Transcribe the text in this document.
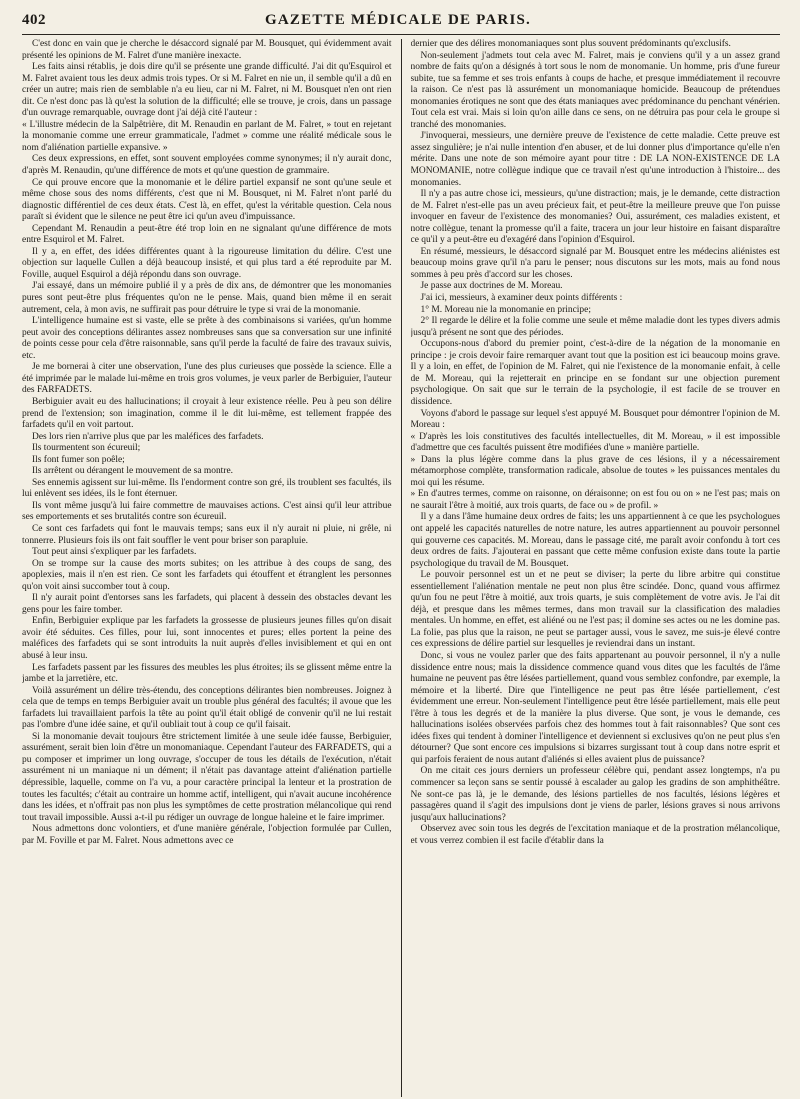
402	GAZETTE MÉDICALE DE PARIS.

C'est donc en vain que je cherche le désaccord signalé par M. Bousquet, qui évidemment avait présenté les opinions de M. Falret d'une manière inexacte.

Les faits ainsi rétablis, je dois dire qu'il se présente une grande difficulté. J'ai dit qu'Esquirol et M. Falret avaient tous les deux admis trois types. Or si M. Falret en nie un, il semble qu'il a dû en créer un autre; mais rien de semblable n'a eu lieu, car ni M. Falret, ni M. Bousquet n'en ont rien dit. Ce n'est donc pas là qu'est la solution de la difficulté; elle se trouve, je crois, dans un passage d'un ouvrage remarquable, ouvrage dont j'ai déjà cité l'auteur :

« L'illustre médecin de la Salpêtrière, dit M. Renaudin en parlant de M. Falret, » tout en rejetant la monomanie comme une erreur grammaticale, l'admet » comme une réalité médicale sous le nom d'aliénation partielle expansive. »

Ces deux expressions, en effet, sont souvent employées comme synonymes; il n'y aurait donc, d'après M. Renaudin, qu'une différence de mots et qu'une question de grammaire.

Ce qui prouve encore que la monomanie et le délire partiel expansif ne sont qu'une seule et même chose sous des noms différents, c'est que ni M. Bousquet, ni M. Falret n'ont parlé du diagnostic différentiel de ces deux états. C'est là, en effet, qu'est la véritable question. Cela nous paraît si évident que le silence ne peut être ici qu'un aveu d'impuissance.

Cependant M. Renaudin a peut-être été trop loin en ne signalant qu'une différence de mots entre Esquirol et M. Falret.

Il y a, en effet, des idées différentes quant à la rigoureuse limitation du délire. C'est une objection sur laquelle Cullen a déjà beaucoup insisté, et qui plus tard a été reproduite par M. Foville, auquel Esquirol a déjà répondu dans son ouvrage.

J'ai essayé, dans un mémoire publié il y a près de dix ans, de démontrer que les monomanies pures sont peut-être plus fréquentes qu'on ne le pense. Mais, quand bien même il en serait autrement, cela, à mon avis, ne suffirait pas pour détruire le type si vrai de la monomanie.

L'intelligence humaine est si vaste, elle se prête à des combinaisons si variées, qu'un homme peut avoir des conceptions délirantes assez nombreuses sans que sa conversation sur une infinité de points cesse pour cela d'être raisonnable, sans qu'il perde la faculté de faire des travaux suivis, etc.

Je me bornerai à citer une observation, l'une des plus curieuses que possède la science. Elle a été imprimée par le malade lui-même en trois gros volumes, je veux parler de Berbiguier, l'auteur des FARFADETS.

Berbiguier avait eu des hallucinations; il croyait à leur existence réelle. Peu à peu son délire prend de l'extension; son imagination, comme il le dit lui-même, est tellement frappée des farfadets qu'il en voit partout.

Des lors rien n'arrive plus que par les maléfices des farfadets.

Ils tourmentent son écureuil;

Ils font fumer son poêle;

Ils arrêtent ou dérangent le mouvement de sa montre.

Ses ennemis agissent sur lui-même. Ils l'endorment contre son gré, ils troublent ses facultés, ils lui enlèvent ses idées, ils le font éternuer.

Ils vont même jusqu'à lui faire commettre de mauvaises actions. C'est ainsi qu'il leur attribue ses emportements et ses brutalités contre son écureuil.

Ce sont ces farfadets qui font le mauvais temps; sans eux il n'y aurait ni pluie, ni grêle, ni tonnerre. Plusieurs fois ils ont fait souffler le vent pour briser son parapluie.

Tout peut ainsi s'expliquer par les farfadets.

On se trompe sur la cause des morts subites; on les attribue à des coups de sang, des apoplexies, mais il n'en est rien. Ce sont les farfadets qui étouffent et étranglent les personnes qu'on voit ainsi succomber tout à coup.

Il n'y aurait point d'entorses sans les farfadets, qui placent à dessein des obstacles devant les gens pour les faire tomber.

Enfin, Berbiguier explique par les farfadets la grossesse de plusieurs jeunes filles qu'on disait avoir été séduites. Ces filles, pour lui, sont innocentes et pures; elles portent la peine des maléfices des farfadets qui se sont introduits la nuit auprès d'elles invisiblement et qui en ont abusé à leur insu.

Les farfadets passent par les fissures des meubles les plus étroites; ils se glissent même entre la jambe et la jarretière, etc.

Voilà assurément un délire très-étendu, des conceptions délirantes bien nombreuses. Joignez à cela que de temps en temps Berbiguier avait un trouble plus général des facultés; il avoue que les farfadets lui travaillaient parfois la tête au point qu'il était obligé de convenir qu'il ne lui restait pas l'ombre d'une idée saine, et qu'il oubliait tout à coup ce qu'il faisait.

Si la monomanie devait toujours être strictement limitée à une seule idée fausse, Berbiguier, assurément, serait bien loin d'être un monomaniaque. Cependant l'auteur des FARFADETS, qui a pu composer et imprimer un long ouvrage, s'occuper de tous les détails de l'exécution, n'était assurément ni un maniaque ni un dément; il n'était pas davantage atteint d'aliénation partielle dépressible, laquelle, comme on l'a vu, a pour caractère principal la lenteur et la prostration de toutes les facultés; c'était au contraire un homme actif, intelligent, qui n'avait aucune incohérence dans les idées, et n'offrait pas non plus les symptômes de cette prostration mélancolique qui rend tout travail impossible. Aussi a-t-il pu rédiger un ouvrage de longue haleine et le faire imprimer.

Nous admettons donc volontiers, et d'une manière générale, l'objection formulée par Cullen, par M. Foville et par M. Falret. Nous admettons avec ce

dernier que des délires monomaniaques sont plus souvent prédominants qu'exclusifs.

Non-seulement j'admets tout cela avec M. Falret, mais je conviens qu'il y a un assez grand nombre de faits qu'on a désignés à tort sous le nom de monomanie. Un homme, pris d'une fureur subite, tue sa femme et ses trois enfants à coups de hache, et presque immédiatement il recouvre la raison. Ce n'est pas là assurément un monomaniaque homicide. Beaucoup de prétendues monomanies érotiques ne sont que des états maniaques avec prédominance du penchant vénérien. Tout cela est vrai. Mais si loin qu'on aille dans ce sens, on ne détruira pas pour cela le groupe si tranché des monomanies.

J'invoquerai, messieurs, une dernière preuve de l'existence de cette maladie. Cette preuve est assez singulière; je n'ai nulle intention d'en abuser, et de lui donner plus d'importance qu'elle n'en mérite. Dans une note de son mémoire ayant pour titre : DE LA NON-EXISTENCE DE LA MONOMANIE, notre collègue indique que ce travail n'est qu'une introduction à l'histoire... des monomanies.

Il n'y a pas autre chose ici, messieurs, qu'une distraction; mais, je le demande, cette distraction de M. Falret n'est-elle pas un aveu précieux fait, et peut-être la meilleure preuve que l'on puisse invoquer en faveur de l'existence des monomanies? Oui, assurément, ces maladies existent, et notre collègue, tenant la promesse qu'il a faite, tracera un jour leur histoire en faisant disparaître ce qu'il y a peut-être eu d'exagéré dans l'opinion d'Esquirol.

En résumé, messieurs, le désaccord signalé par M. Bousquet entre les médecins aliénistes est beaucoup moins grave qu'il n'a paru le penser; nous discutons sur les mots, mais au fond nous sommes à peu près d'accord sur les choses.

Je passe aux doctrines de M. Moreau.

J'ai ici, messieurs, à examiner deux points différents :

1° M. Moreau nie la monomanie en principe;

2° Il regarde le délire et la folie comme une seule et même maladie dont les types divers admis jusqu'à présent ne sont que des périodes.

Occupons-nous d'abord du premier point, c'est-à-dire de la négation de la monomanie en principe : je crois devoir faire remarquer avant tout que la position est ici beaucoup moins grave. Il y a loin, en effet, de l'opinion de M. Falret, qui nie l'existence de la monomanie enfait, à celle de M. Moreau, qui la rejetterait en principe en se fondant sur une objection purement psychologique. On sait que sur le terrain de la psychologie, il est facile de se trouver en dissidence.

Voyons d'abord le passage sur lequel s'est appuyé M. Bousquet pour démontrer l'opinion de M. Moreau :

« D'après les lois constitutives des facultés intellectuelles, dit M. Moreau, » il est impossible d'admettre que ces facultés puissent être modifiées d'une » manière partielle.

» Dans la plus légère comme dans la plus grave de ces lésions, il y a nécessairement métamorphose complète, transformation radicale, absolue de toutes » les puissances mentales du moi qui les résume.

» En d'autres termes, comme on raisonne, on déraisonne; on est fou ou on » ne l'est pas; mais on ne saurait l'être à moitié, aux trois quarts, de face ou » de profil. »

Il y a dans l'âme humaine deux ordres de faits; les uns appartiennent à ce que les psychologues ont appelé les capacités naturelles de notre nature, les autres appartiennent au pouvoir personnel qui gouverne ces capacités. M. Moreau, dans le passage cité, me paraît avoir confondu à tort ces deux ordres de faits. J'ajouterai en passant que cette même confusion existe dans toute la partie psychologique du travail de M. Bousquet.

Le pouvoir personnel est un et ne peut se diviser; la perte du libre arbitre qui constitue essentiellement l'aliénation mentale ne peut non plus être scindée. Donc, quand vous affirmez qu'un fou ne peut l'être à moitié, aux trois quarts, je suis complètement de votre avis. Je l'ai dit déjà, et presque dans les mêmes termes, dans mon travail sur la classification des maladies mentales. Un homme, en effet, est aliéné ou ne l'est pas; il domine ses actes ou ne les domine pas. La folie, pas plus que la raison, ne peut se partager aussi, vous le savez, me suis-je élevé contre ces expressions de délire partiel sur lesquelles je reviendrai dans un instant.

Donc, si vous ne voulez parler que des faits appartenant au pouvoir personnel, il n'y a nulle dissidence entre nous; mais la dissidence commence quand vous dites que les facultés de l'âme humaine ne peuvent pas être lésées partiellement, quand vous semblez confondre, par exemple, la mémoire et la liberté. Dire que l'intelligence ne peut pas être lésée partiellement, c'est évidemment une erreur. Non-seulement l'intelligence peut être lésée partiellement, mais elle peut l'être à tous les degrés et de la manière la plus diverse. Que sont, je vous le demande, ces hallucinations isolées observées parfois chez des hommes tout à fait raisonnables? Que sont ces idées fixes qui tendent à dominer l'intelligence et deviennent si exclusives qu'on ne peut plus s'en détourner? Que sont encore ces impulsions si bizarres surgissant tout à coup dans notre esprit et qui parfois feraient de nous autant d'aliénés si elles avaient plus de puissance?

On me citait ces jours derniers un professeur célèbre qui, pendant assez longtemps, n'a pu commencer sa leçon sans se sentir poussé à escalader au galop les gradins de son amphithéâtre. Ne sont-ce pas là, je le demande, des lésions partielles de nos facultés, lésions légères et passagères quand il s'agit des impulsions dont je viens de parler, lésions graves si nous arrivons jusqu'aux hallucinations?

Observez avec soin tous les degrés de l'excitation maniaque et de la prostration mélancolique, et vous verrez combien il est facile d'établir dans la
